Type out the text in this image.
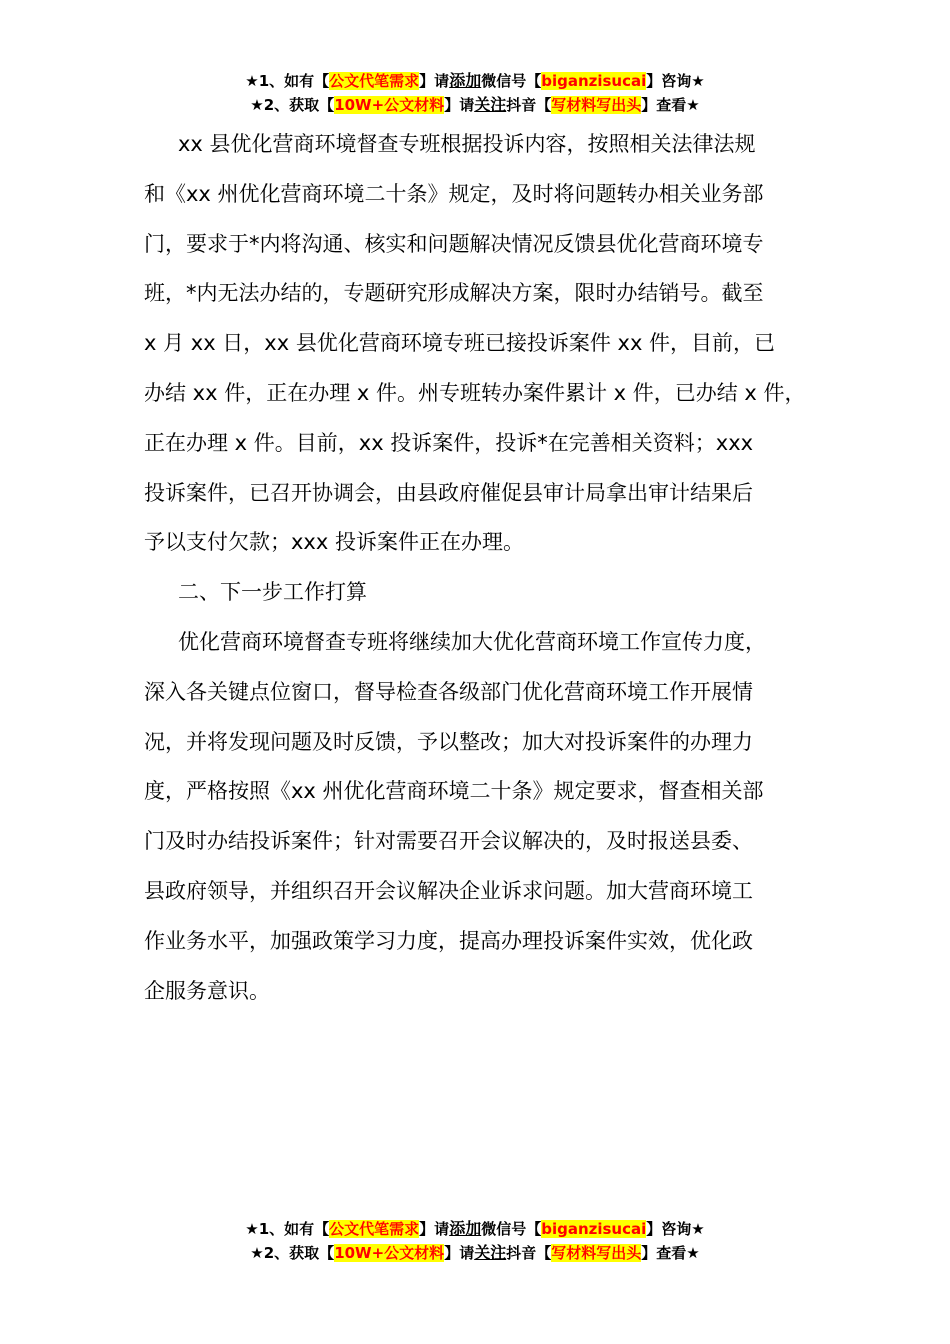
★1、如有【公文代笔需求】请添加微信号【biganzisucai】咨询★
★2、获取【10W+公文材料】请关注抖音【写材料写出头】查看★

xx 县优化营商环境督查专班根据投诉内容，按照相关法律法规
和《xx 州优化营商环境二十条》规定，及时将问题转办相关业务部
门，要求于*内将沟通、核实和问题解决情况反馈县优化营商环境专
班，*内无法办结的，专题研究形成解决方案，限时办结销号。截至
x 月 xx 日，xx 县优化营商环境专班已接投诉案件 xx 件，目前，已
办结 xx 件，正在办理 x 件。州专班转办案件累计 x 件，已办结 x 件，
正在办理 x 件。目前，xx 投诉案件，投诉*在完善相关资料；xxx
投诉案件，已召开协调会，由县政府催促县审计局拿出审计结果后
予以支付欠款；xxx 投诉案件正在办理。

二、下一步工作打算

优化营商环境督查专班将继续加大优化营商环境工作宣传力度，
深入各关键点位窗口，督导检查各级部门优化营商环境工作开展情
况，并将发现问题及时反馈，予以整改；加大对投诉案件的办理力
度，严格按照《xx 州优化营商环境二十条》规定要求，督查相关部
门及时办结投诉案件；针对需要召开会议解决的，及时报送县委、
县政府领导，并组织召开会议解决企业诉求问题。加大营商环境工
作业务水平，加强政策学习力度，提高办理投诉案件实效，优化政
企服务意识。

★1、如有【公文代笔需求】请添加微信号【biganzisucai】咨询★
★2、获取【10W+公文材料】请关注抖音【写材料写出头】查看★
